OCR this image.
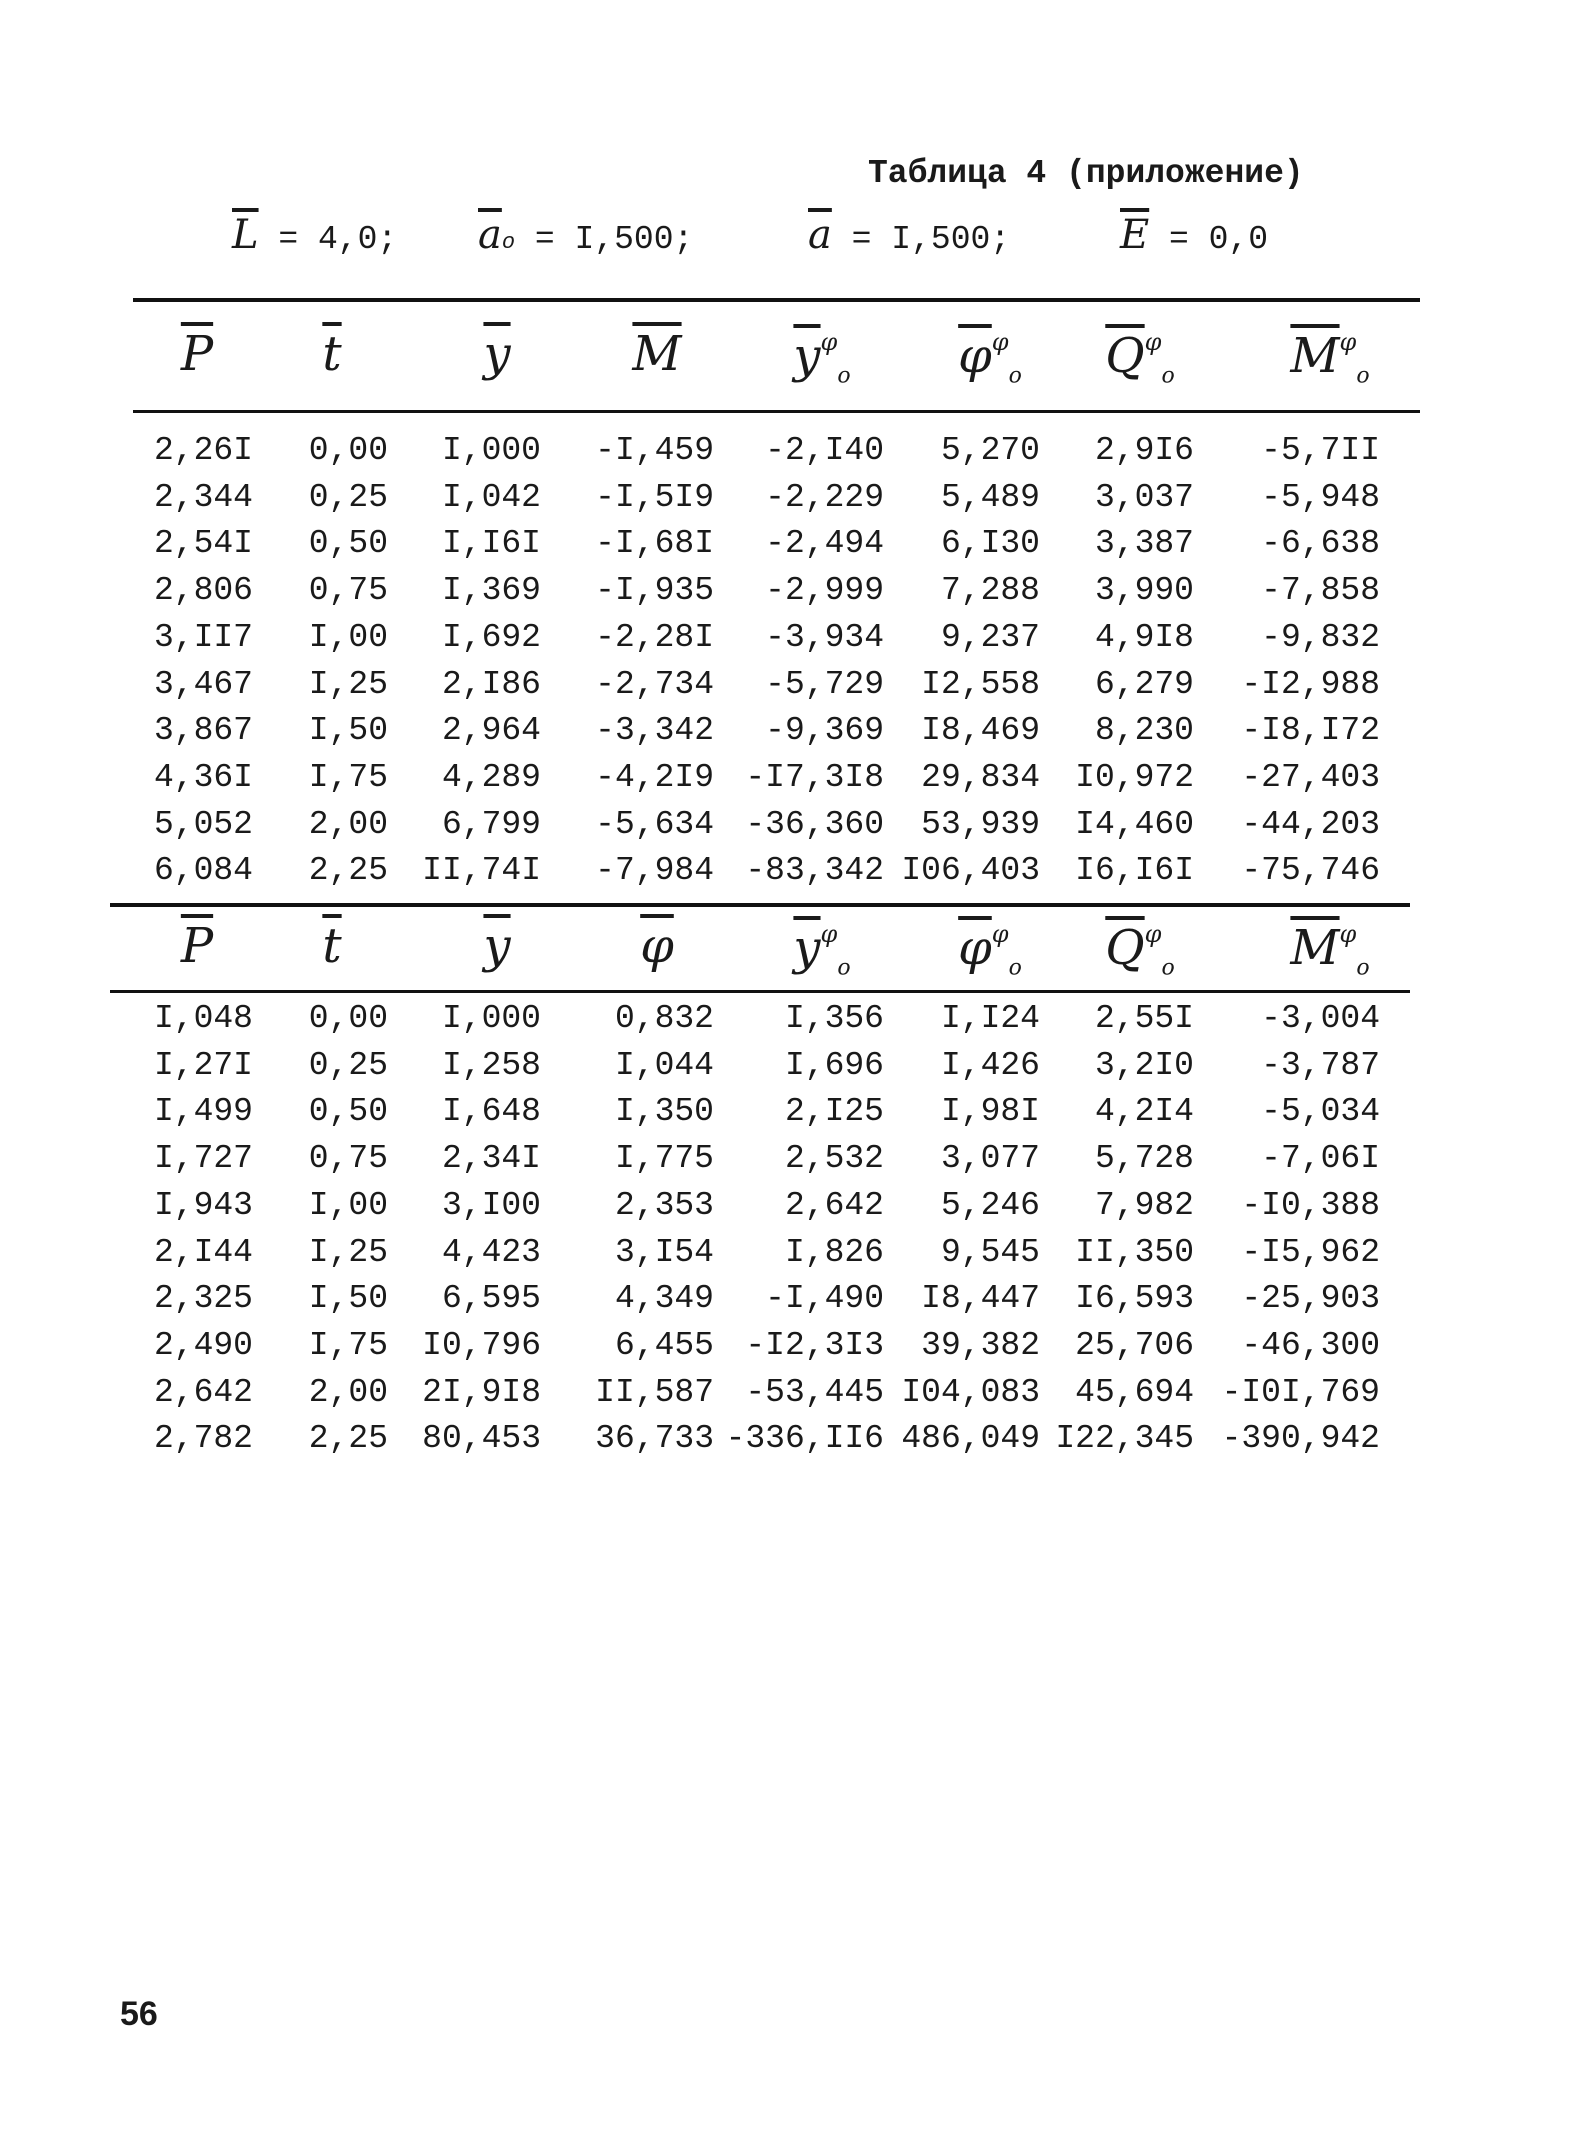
Таблица 4 (приложение)
$\overline{L} = 4,0$; $\overline{a}o = I,500$;	$\overline{a} = I,500$;	$\overline{E} = 0,0$
$\overline{P}$	$\overline{t}$	$\overline{y}$	$\overline{M}$	$\overline{y}^\varphi_o$	$\overline{\varphi}^\varphi_o$	$\overline{Q}^\varphi_o$	$\overline{M}^\varphi_o$
2,26I 0,00 I,000 -I,459 -2,I40 5,270 2,9I6 -5,7II
2,344 0,25 I,042 -I,5I9 -2,229 5,489 3,037 -5,948
2,54I 0,50 I,I6I -I,68I -2,494 6,I30 3,387 -6,638
2,806 0,75 I,369 -I,935 -2,999 7,288 3,990 -7,858
3,II7 I,00 I,692 -2,28I -3,934 9,237 4,9I8 -9,832
3,467 I,25 2,I86 -2,734 -5,729 I2,558 6,279 -I2,988
3,867 I,50 2,964 -3,342 -9,369 I8,469 8,230 -I8,I72
4,36I I,75 4,289 -4,2I9 -I7,3I8 29,834 I0,972 -27,403
5,052 2,00 6,799 -5,634 -36,360 53,939 I4,460 -44,203
6,084 2,25 II,74I -7,984 -83,342 I06,403 I6,I6I -75,746
$\overline{P}$	$\overline{t}$	$\overline{y}$	$\overline{\varphi}$	$\overline{y}^\varphi_o$	$\overline{\varphi}^\varphi_o$	$\overline{Q}^\varphi_o$	$\overline{M}^\varphi_o$
I,048 0,00 I,000 0,832 I,356 I,I24 2,55I -3,004
I,27I 0,25 I,258 I,044 I,696 I,426 3,2I0 -3,787
I,499 0,50 I,648 I,350 2,I25 I,98I 4,2I4 -5,034
I,727 0,75 2,34I I,775 2,532 3,077 5,728 -7,06I
I,943 I,00 3,I00 2,353 2,642 5,246 7,982 -I0,388
2,I44 I,25 4,423 3,I54 I,826 9,545 II,350 -I5,962
2,325 I,50 6,595 4,349 -I,490 I8,447 I6,593 -25,903
2,490 I,75 I0,796 6,455 -I2,3I3 39,382 25,706 -46,300
2,642 2,00 2I,9I8 II,587 -53,445 I04,083 45,694 -I0I,769
2,782 2,25 80,453 36,733 -336,II6 486,049 I22,345 -390,942
56
